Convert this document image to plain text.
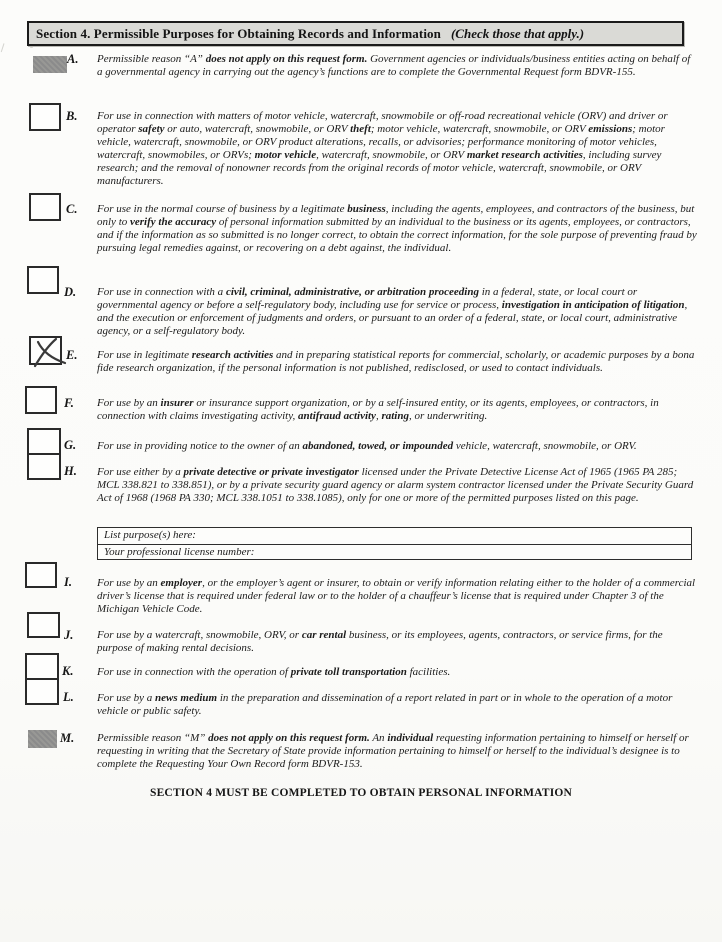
Section 4. Permissible Purposes for Obtaining Records and Information (Check those that apply.)
A. Permissible reason “A” does not apply on this request form. Government agencies or individuals/business entities acting on behalf of a governmental agency in carrying out the agency’s functions are to complete the Governmental Request form BDVR-155.
B. For use in connection with matters of motor vehicle, watercraft, snowmobile or off-road recreational vehicle (ORV) and driver or operator safety or auto, watercraft, snowmobile, or ORV theft; motor vehicle, watercraft, snowmobile, or ORV emissions; motor vehicle, watercraft, snowmobile, or ORV product alterations, recalls, or advisories; performance monitoring of motor vehicles, watercraft, snowmobiles, or ORVs; motor vehicle, watercraft, snowmobile, or ORV market research activities, including survey research; and the removal of nonowner records from the original records of motor vehicle, watercraft, snowmobile, or ORV manufacturers.
C. For use in the normal course of business by a legitimate business, including the agents, employees, and contractors of the business, but only to verify the accuracy of personal information submitted by an individual to the business or its agents, employees, or contractors, and if the information as so submitted is no longer correct, to obtain the correct information, for the sole purpose of preventing fraud by pursuing legal remedies against, or recovering on a debt against, the individual.
D. For use in connection with a civil, criminal, administrative, or arbitration proceeding in a federal, state, or local court or governmental agency or before a self-regulatory body, including use for service or process, investigation in anticipation of litigation, and the execution or enforcement of judgments and orders, or pursuant to an order of a federal, state, or local court, administrative agency, or a self-regulatory body.
E. For use in legitimate research activities and in preparing statistical reports for commercial, scholarly, or academic purposes by a bona fide research organization, if the personal information is not published, redisclosed, or used to contact individuals.
F. For use by an insurer or insurance support organization, or by a self-insured entity, or its agents, employees, or contractors, in connection with claims investigating activity, antifraud activity, rating, or underwriting.
G. For use in providing notice to the owner of an abandoned, towed, or impounded vehicle, watercraft, snowmobile, or ORV.
H. For use either by a private detective or private investigator licensed under the Private Detective License Act of 1965 (1965 PA 285; MCL 338.821 to 338.851), or by a private security guard agency or alarm system contractor licensed under the Private Security Guard Act of 1968 (1968 PA 330; MCL 338.1051 to 338.1085), only for one or more of the permitted purposes listed on this page.
List purpose(s) here:
Your professional license number:
I. For use by an employer, or the employer’s agent or insurer, to obtain or verify information relating either to the holder of a commercial driver’s license that is required under federal law or to the holder of a chauffeur’s license that is required under Chapter 3 of the Michigan Vehicle Code.
J. For use by a watercraft, snowmobile, ORV, or car rental business, or its employees, agents, contractors, or service firms, for the purpose of making rental decisions.
K. For use in connection with the operation of private toll transportation facilities.
L. For use by a news medium in the preparation and dissemination of a report related in part or in whole to the operation of a motor vehicle or public safety.
M. Permissible reason “M” does not apply on this request form. An individual requesting information pertaining to himself or herself or requesting in writing that the Secretary of State provide information pertaining to himself or herself to the individual’s designee is to complete the Requesting Your Own Record form BDVR-153.
SECTION 4 MUST BE COMPLETED TO OBTAIN PERSONAL INFORMATION
